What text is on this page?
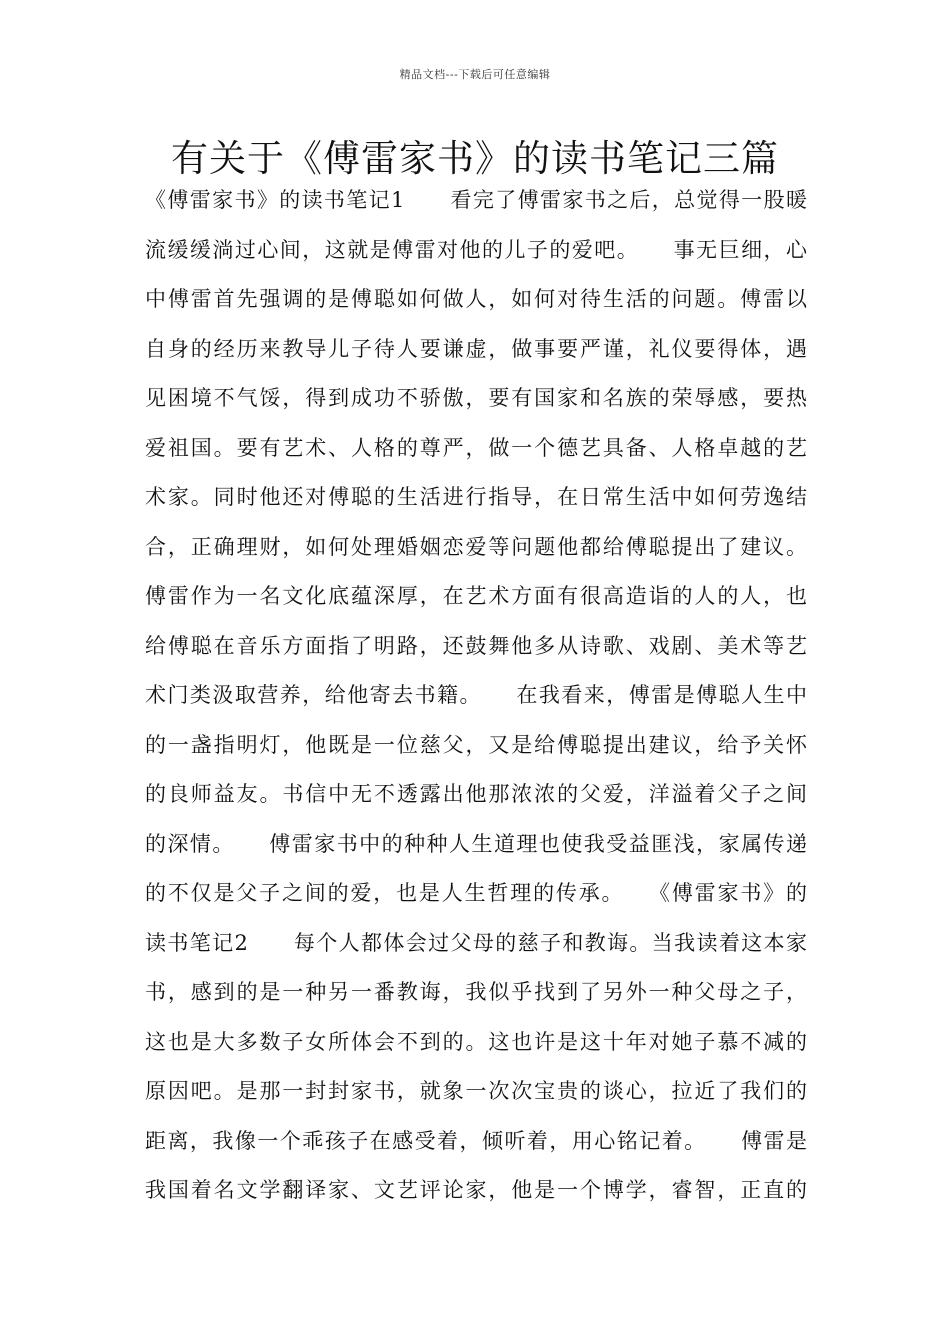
精品文档---下载后可任意编辑
有关于《傅雷家书》的读书笔记三篇
《傅雷家书》的读书笔记1　　看完了傅雷家书之后，总觉得一股暖
流缓缓淌过心间，这就是傅雷对他的儿子的爱吧。　　事无巨细，心
中傅雷首先强调的是傅聪如何做人，如何对待生活的问题。傅雷以
自身的经历来教导儿子待人要谦虚，做事要严谨，礼仪要得体，遇
见困境不气馁，得到成功不骄傲，要有国家和名族的荣辱感，要热
爱祖国。要有艺术、人格的尊严，做一个德艺具备、人格卓越的艺
术家。同时他还对傅聪的生活进行指导，在日常生活中如何劳逸结
合，正确理财，如何处理婚姻恋爱等问题他都给傅聪提出了建议。
傅雷作为一名文化底蕴深厚，在艺术方面有很高造诣的人的人，也
给傅聪在音乐方面指了明路，还鼓舞他多从诗歌、戏剧、美术等艺
术门类汲取营养，给他寄去书籍。　　在我看来，傅雷是傅聪人生中
的一盏指明灯，他既是一位慈父，又是给傅聪提出建议，给予关怀
的良师益友。书信中无不透露出他那浓浓的父爱，洋溢着父子之间
的深情。　　傅雷家书中的种种人生道理也使我受益匪浅，家属传递
的不仅是父子之间的爱，也是人生哲理的传承。　　《傅雷家书》的
读书笔记2　　每个人都体会过父母的慈子和教诲。当我读着这本家
书，感到的是一种另一番教诲，我似乎找到了另外一种父母之子，
这也是大多数子女所体会不到的。这也许是这十年对她子慕不减的
原因吧。是那一封封家书，就象一次次宝贵的谈心，拉近了我们的
距离，我像一个乖孩子在感受着，倾听着，用心铭记着。　　傅雷是
我国着名文学翻译家、文艺评论家，他是一个博学，睿智，正直的
